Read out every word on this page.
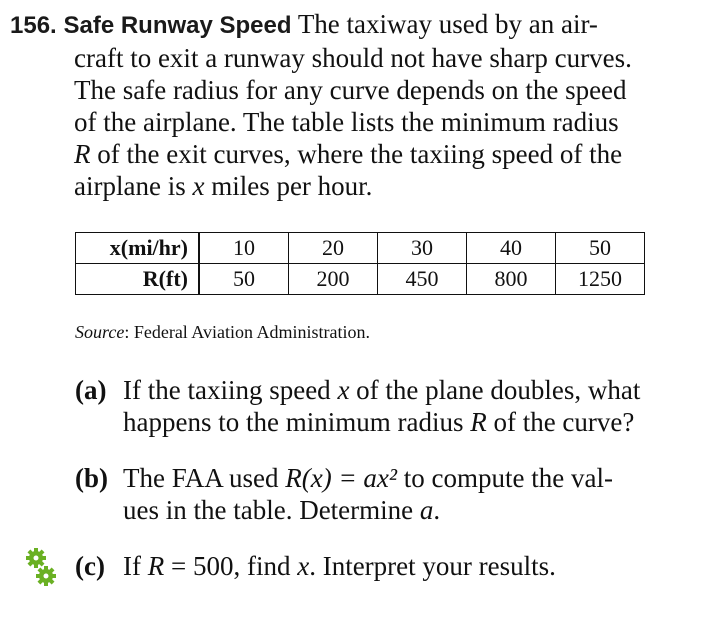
156. Safe Runway Speed The taxiway used by an air-
craft to exit a runway should not have sharp curves.
The safe radius for any curve depends on the speed
of the airplane. The table lists the minimum radius
R of the exit curves, where the taxiing speed of the
airplane is x miles per hour.

x(mi/hr)	10	20	30	40	50
R(ft)	50	200	450	800	1250
Source: Federal Aviation Administration.

(a) If the taxiing speed x of the plane doubles, what
happens to the minimum radius R of the curve?

(b) The FAA used R(x) = ax² to compute the val-
ues in the table. Determine a.

(c) If R = 500, find x. Interpret your results.
